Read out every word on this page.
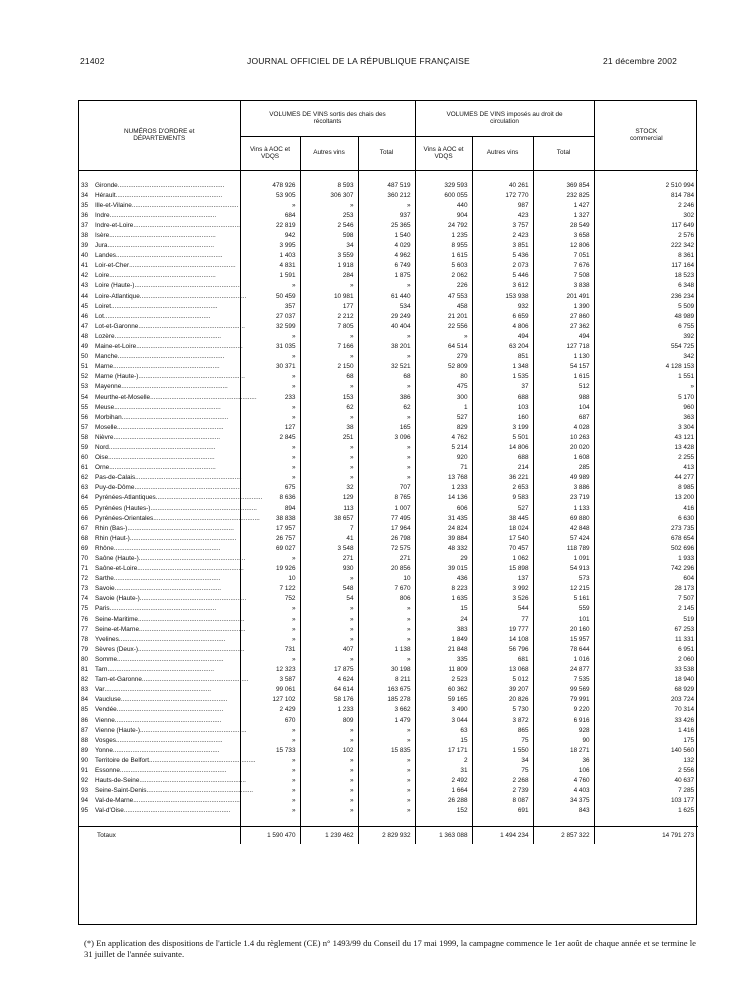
21402	JOURNAL OFFICIEL DE LA RÉPUBLIQUE FRANÇAISE	21 décembre 2002
NUMÉROS D'ORDRE et DÉPARTEMENTS	VOLUMES DE VINS sortis des chais des récoltants			VOLUMES DE VINS imposés au droit de circulation			STOCK commercial

	Vins à AOC et VDQS	Autres vins	Total	Vins à AOC et VDQS	Autres vins	Total	

33 Gironde............................................................	478 926	8 593	487 519	329 593	40 261	369 854	2 510 994
34 Hérault............................................................	53 905	306 307	360 212	600 055	172 770	232 825	814 784
35 Ille-et-Vilaine............................................................	»	»	»	440	987	1 427	2 246
36 Indre............................................................	684	253	937	904	423	1 327	302
37 Indre-et-Loire............................................................	22 819	2 546	25 365	24 792	3 757	28 549	117 649
38 Isère............................................................	942	598	1 540	1 235	2 423	3 658	2 576
39 Jura............................................................	3 995	34	4 029	8 955	3 851	12 806	222 342
40 Landes............................................................	1 403	3 559	4 962	1 615	5 436	7 051	8 361
41 Loir-et-Cher............................................................	4 831	1 918	6 749	5 603	2 073	7 676	117 164
42 Loire............................................................	1 591	284	1 875	2 062	5 446	7 508	18 523
43 Loire (Haute-)............................................................	»	»	»	226	3 612	3 838	6 348
44 Loire-Atlantique............................................................	50 459	10 981	61 440	47 553	153 938	201 491	236 234
45 Loiret............................................................	357	177	534	458	932	1 390	5 509
46 Lot............................................................	27 037	2 212	29 249	21 201	6 659	27 860	48 989
47 Lot-et-Garonne............................................................	32 599	7 805	40 404	22 556	4 806	27 362	6 755
48 Lozère............................................................	»	»	»	»	494	494	392
49 Maine-et-Loire............................................................	31 035	7 166	38 201	64 514	63 204	127 718	554 725
50 Manche............................................................	»	»	»	279	851	1 130	342
51 Marne............................................................	30 371	2 150	32 521	52 809	1 348	54 157	4 128 153
52 Marne (Haute-)............................................................	»	68	68	80	1 535	1 615	1 551
53 Mayenne............................................................	»	»	»	475	37	512	»
54 Meurthe-et-Moselle............................................................	233	153	386	300	688	988	5 170
55 Meuse............................................................	»	62	62	1	103	104	960
56 Morbihan............................................................	»	»	»	527	160	687	363
57 Moselle............................................................	127	38	165	829	3 199	4 028	3 304
58 Nièvre............................................................	2 845	251	3 096	4 762	5 501	10 263	43 121
59 Nord............................................................	»	»	»	5 214	14 806	20 020	13 428
60 Oise............................................................	»	»	»	920	688	1 608	2 255
61 Orne............................................................	»	»	»	71	214	285	413
62 Pas-de-Calais............................................................	»	»	»	13 768	36 221	49 989	44 277
63 Puy-de-Dôme............................................................	675	32	707	1 233	2 653	3 886	8 985
64 Pyrénées-Atlantiques............................................................	8 636	129	8 765	14 136	9 583	23 719	13 200
65 Pyrénées (Hautes-)............................................................	894	113	1 007	606	527	1 133	416
66 Pyrénées-Orientales............................................................	38 838	38 657	77 495	31 435	38 445	69 880	6 630
67 Rhin (Bas-)............................................................	17 957	7	17 964	24 824	18 024	42 848	273 735
68 Rhin (Haut-)............................................................	26 757	41	26 798	39 884	17 540	57 424	678 654
69 Rhône............................................................	69 027	3 548	72 575	48 332	70 457	118 789	502 696
70 Saône (Haute-)............................................................	»	271	271	29	1 062	1 091	1 933
71 Saône-et-Loire............................................................	19 926	930	20 856	39 015	15 898	54 913	742 296
72 Sarthe............................................................	10	»	10	436	137	573	604
73 Savoie............................................................	7 122	548	7 670	8 223	3 992	12 215	28 173
74 Savoie (Haute-)............................................................	752	54	806	1 635	3 526	5 161	7 507
75 Paris............................................................	»	»	»	15	544	559	2 145
76 Seine-Maritime............................................................	»	»	»	24	77	101	519
77 Seine-et-Marne............................................................	»	»	»	383	19 777	20 160	67 253
78 Yvelines............................................................	»	»	»	1 849	14 108	15 957	11 331
79 Sèvres (Deux-)............................................................	731	407	1 138	21 848	56 796	78 644	6 951
80 Somme............................................................	»	»	»	335	681	1 016	2 060
81 Tarn............................................................	12 323	17 875	30 198	11 809	13 068	24 877	33 538
82 Tarn-et-Garonne............................................................	3 587	4 624	8 211	2 523	5 012	7 535	18 940
83 Var............................................................	99 061	64 614	163 675	60 362	39 207	99 569	68 929
84 Vaucluse............................................................	127 102	58 176	185 278	59 165	20 826	79 991	203 724
85 Vendée............................................................	2 429	1 233	3 662	3 490	5 730	9 220	70 314
86 Vienne............................................................	670	809	1 479	3 044	3 872	6 916	33 426
87 Vienne (Haute-)............................................................	»	»	»	63	865	928	1 416
88 Vosges............................................................	»	»	»	15	75	90	175
89 Yonne............................................................	15 733	102	15 835	17 171	1 550	18 271	140 560
90 Territoire de Belfort............................................................	»	»	»	2	34	36	132
91 Essonne............................................................	»	»	»	31	75	106	2 556
92 Hauts-de-Seine............................................................	»	»	»	2 492	2 268	4 760	40 637
93 Seine-Saint-Denis............................................................	»	»	»	1 664	2 739	4 403	7 285
94 Val-de-Marne............................................................	»	»	»	26 288	8 087	34 375	103 177
95 Val-d'Oise............................................................	»	»	»	152	691	843	1 625

Totaux	1 590 470	1 239 462	2 829 932	1 363 088	1 494 234	2 857 322	14 791 273
(*) En application des dispositions de l'article 1.4 du règlement (CE) n° 1493/99 du Conseil du 17 mai 1999, la campagne commence le 1er août de chaque année et se termine le 31 juillet de l'année suivante.
